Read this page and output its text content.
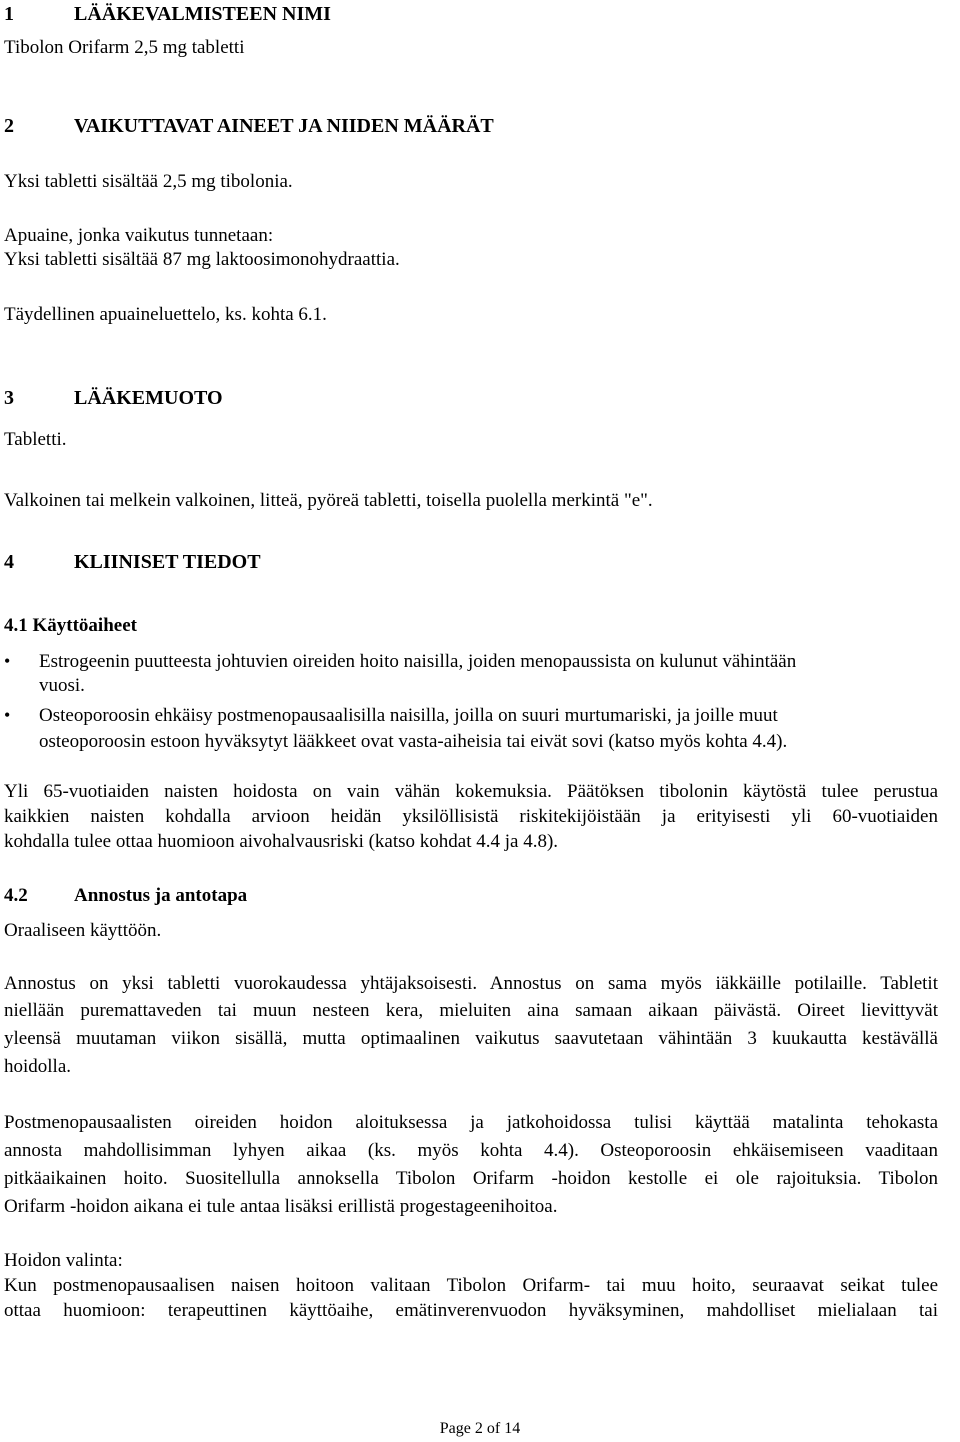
1	LÄÄKEVALMISTEEN NIMI
Tibolon Orifarm 2,5 mg tabletti
2	VAIKUTTAVAT AINEET JA NIIDEN MÄÄRÄT
Yksi tabletti sisältää 2,5 mg tibolonia.
Apuaine, jonka vaikutus tunnetaan:
Yksi tabletti sisältää 87 mg laktoosimonohydraattia.
Täydellinen apuaineluettelo, ks. kohta 6.1.
3	LÄÄKEMUOTO
Tabletti.
Valkoinen tai melkein valkoinen, litteä, pyöreä tabletti, toisella puolella merkintä "e".
4	KLIINISET TIEDOT
4.1 Käyttöaiheet
• Estrogeenin puutteesta johtuvien oireiden hoito naisilla, joiden menopaussista on kulunut vähintään
vuosi.
• Osteoporoosin ehkäisy postmenopausaalisilla naisilla, joilla on suuri murtumariski, ja joille muut
osteoporoosin estoon hyväksytyt lääkkeet ovat vasta-aiheisia tai eivät sovi (katso myös kohta 4.4).
Yli 65-vuotiaiden naisten hoidosta on vain vähän kokemuksia. Päätöksen tibolonin käytöstä tulee perustua
kaikkien naisten kohdalla arvioon heidän yksilöllisistä riskitekijöistään ja erityisesti yli 60-vuotiaiden
kohdalla tulee ottaa huomioon aivohalvausriski (katso kohdat 4.4 ja 4.8).
4.2 Annostus ja antotapa
Oraaliseen käyttöön.
Annostus on yksi tabletti vuorokaudessa yhtäjaksoisesti. Annostus on sama myös iäkkäille potilaille. Tabletit
niellään puremattaveden tai muun nesteen kera, mieluiten aina samaan aikaan päivästä. Oireet lievittyvät
yleensä muutaman viikon sisällä, mutta optimaalinen vaikutus saavutetaan vähintään 3 kuukautta kestävällä
hoidolla.
Postmenopausaalisten oireiden hoidon aloituksessa ja jatkohoidossa tulisi käyttää matalinta tehokasta
annosta mahdollisimman lyhyen aikaa (ks. myös kohta 4.4). Osteoporoosin ehkäisemiseen vaaditaan
pitkäaikainen hoito. Suositellulla annoksella Tibolon Orifarm -hoidon kestolle ei ole rajoituksia. Tibolon
Orifarm -hoidon aikana ei tule antaa lisäksi erillistä progestageenihoitoa.
Hoidon valinta:
Kun postmenopausaalisen naisen hoitoon valitaan Tibolon Orifarm- tai muu hoito, seuraavat seikat tulee
ottaa huomioon: terapeuttinen käyttöaihe, emätinverenvuodon hyväksyminen, mahdolliset mielialaan tai
Page 2 of 14
